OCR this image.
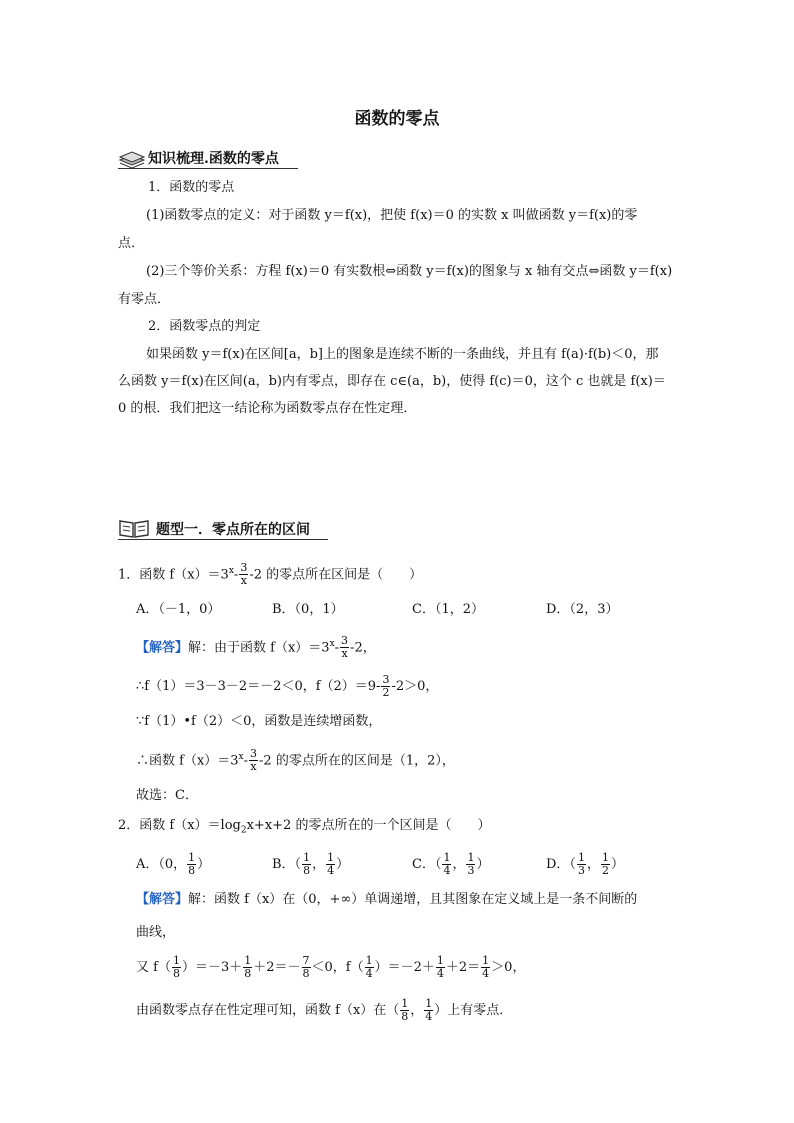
函数的零点
知识梳理.函数的零点
1．函数的零点
(1)函数零点的定义：对于函数 y＝f(x)，把使 f(x)＝0 的实数 x 叫做函数 y＝f(x)的零
点．
(2)三个等价关系：方程 f(x)＝0 有实数根⇔函数 y＝f(x)的图象与 x 轴有交点⇔函数 y＝f(x)
有零点．
2．函数零点的判定
如果函数 y＝f(x)在区间[a，b]上的图象是连续不断的一条曲线，并且有 f(a)·f(b)＜0，那
么函数 y＝f(x)在区间(a，b)内有零点，即存在 c∈(a，b)，使得 f(c)＝0，这个 c 也就是 f(x)＝
0 的根．我们把这一结论称为函数零点存在性定理．
题型一．零点所在的区间
1．函数 $f(x)=3^x- \frac{3}{x} -2$ 的零点所在区间是（　　）
A．（－1，0）	B．（0，1）	C．（1，2）	D．（2，3）
【解答】解：由于函数 $f(x)=3^x- \frac{3}{x} -2$，
∴f（1）＝3－3－2＝－2＜0，$f(2)=9- \frac{3}{2} -2>0$，
∵f（1）•f（2）＜0，函数是连续增函数，
∴函数 $f(x)=3^x- \frac{3}{x} -2$ 的零点所在的区间是（1，2），
故选：C．
2．函数 $f(x)=\log_2x+x+2$ 的零点所在的一个区间是（　　）
A．（0， $\frac{1}{8}$ ）	B．（ $\frac{1}{8}$ ， $\frac{1}{4}$ ）	C．（ $\frac{1}{4}$ ， $\frac{1}{3}$ ）	D．（ $\frac{1}{3}$ ， $\frac{1}{2}$ ）
【解答】解：函数 f（x）在（0，+∞）单调递增，且其图象在定义域上是一条不间断的
曲线，
又 $f( \frac{1}{8} )=-3+ \frac{1}{8} +2=- \frac{7}{8} <0$，$f( \frac{1}{4} )=-2+ \frac{1}{4} +2= \frac{1}{4} >0$，
由函数零点存在性定理可知，函数 f（x）在（ $\frac{1}{8}$ ， $\frac{1}{4}$ ）上有零点．
